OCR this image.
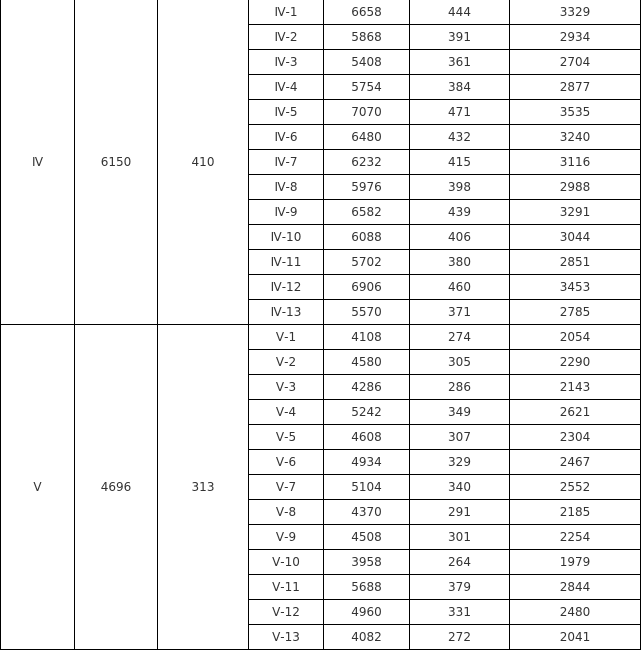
Ⅳ	6150	410	Ⅳ-1	6658	444	3329
			Ⅳ-2	5868	391	2934
			Ⅳ-3	5408	361	2704
			Ⅳ-4	5754	384	2877
			Ⅳ-5	7070	471	3535
			Ⅳ-6	6480	432	3240
			Ⅳ-7	6232	415	3116
			Ⅳ-8	5976	398	2988
			Ⅳ-9	6582	439	3291
			Ⅳ-10	6088	406	3044
			Ⅳ-11	5702	380	2851
			Ⅳ-12	6906	460	3453
			Ⅳ-13	5570	371	2785
Ⅴ	4696	313	Ⅴ-1	4108	274	2054
			Ⅴ-2	4580	305	2290
			Ⅴ-3	4286	286	2143
			Ⅴ-4	5242	349	2621
			Ⅴ-5	4608	307	2304
			Ⅴ-6	4934	329	2467
			Ⅴ-7	5104	340	2552
			Ⅴ-8	4370	291	2185
			Ⅴ-9	4508	301	2254
			Ⅴ-10	3958	264	1979
			Ⅴ-11	5688	379	2844
			Ⅴ-12	4960	331	2480
			Ⅴ-13	4082	272	2041
